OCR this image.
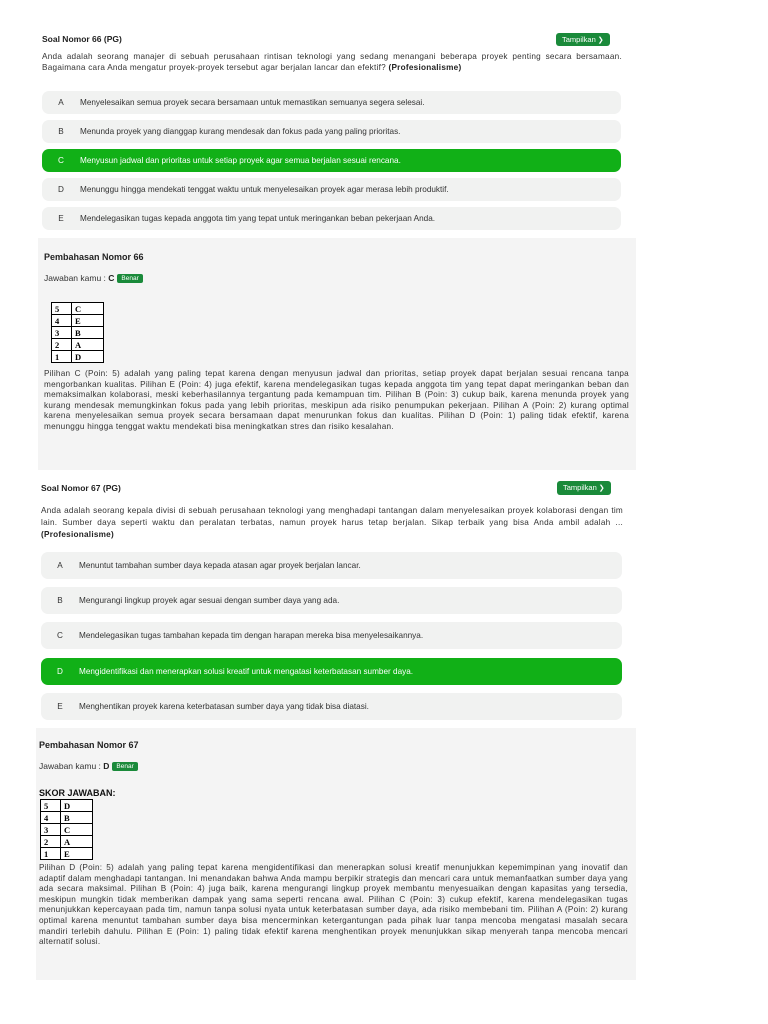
Soal Nomor 66 (PG)	Tampilkan ❯
Anda adalah seorang manajer di sebuah perusahaan rintisan teknologi yang sedang menangani beberapa proyek penting secara bersamaan. Bagaimana cara Anda mengatur proyek-proyek tersebut agar berjalan lancar dan efektif? (Profesionalisme)
A	Menyelesaikan semua proyek secara bersamaan untuk memastikan semuanya segera selesai.
B	Menunda proyek yang dianggap kurang mendesak dan fokus pada yang paling prioritas.
C	Menyusun jadwal dan prioritas untuk setiap proyek agar semua berjalan sesuai rencana.
D	Menunggu hingga mendekati tenggat waktu untuk menyelesaikan proyek agar merasa lebih produktif.
E	Mendelegasikan tugas kepada anggota tim yang tepat untuk meringankan beban pekerjaan Anda.
Pembahasan Nomor 66
Jawaban kamu : C Benar
5	C
4	E
3	B
2	A
1	D
Pilihan C (Poin: 5) adalah yang paling tepat karena dengan menyusun jadwal dan prioritas, setiap proyek dapat berjalan sesuai rencana tanpa mengorbankan kualitas. Pilihan E (Poin: 4) juga efektif, karena mendelegasikan tugas kepada anggota tim yang tepat dapat meringankan beban dan memaksimalkan kolaborasi, meski keberhasilannya tergantung pada kemampuan tim. Pilihan B (Poin: 3) cukup baik, karena menunda proyek yang kurang mendesak memungkinkan fokus pada yang lebih prioritas, meskipun ada risiko penumpukan pekerjaan. Pilihan A (Poin: 2) kurang optimal karena menyelesaikan semua proyek secara bersamaan dapat menurunkan fokus dan kualitas. Pilihan D (Poin: 1) paling tidak efektif, karena menunggu hingga tenggat waktu mendekati bisa meningkatkan stres dan risiko kesalahan.
Soal Nomor 67 (PG)	Tampilkan ❯
Anda adalah seorang kepala divisi di sebuah perusahaan teknologi yang menghadapi tantangan dalam menyelesaikan proyek kolaborasi dengan tim lain. Sumber daya seperti waktu dan peralatan terbatas, namun proyek harus tetap berjalan. Sikap terbaik yang bisa Anda ambil adalah ... (Profesionalisme)
A	Menuntut tambahan sumber daya kepada atasan agar proyek berjalan lancar.
B	Mengurangi lingkup proyek agar sesuai dengan sumber daya yang ada.
C	Mendelegasikan tugas tambahan kepada tim dengan harapan mereka bisa menyelesaikannya.
D	Mengidentifikasi dan menerapkan solusi kreatif untuk mengatasi keterbatasan sumber daya.
E	Menghentikan proyek karena keterbatasan sumber daya yang tidak bisa diatasi.
Pembahasan Nomor 67
Jawaban kamu : D Benar
SKOR JAWABAN:
5	D
4	B
3	C
2	A
1	E
Pilihan D (Poin: 5) adalah yang paling tepat karena mengidentifikasi dan menerapkan solusi kreatif menunjukkan kepemimpinan yang inovatif dan adaptif dalam menghadapi tantangan. Ini menandakan bahwa Anda mampu berpikir strategis dan mencari cara untuk memanfaatkan sumber daya yang ada secara maksimal. Pilihan B (Poin: 4) juga baik, karena mengurangi lingkup proyek membantu menyesuaikan dengan kapasitas yang tersedia, meskipun mungkin tidak memberikan dampak yang sama seperti rencana awal. Pilihan C (Poin: 3) cukup efektif, karena mendelegasikan tugas menunjukkan kepercayaan pada tim, namun tanpa solusi nyata untuk keterbatasan sumber daya, ada risiko membebani tim. Pilihan A (Poin: 2) kurang optimal karena menuntut tambahan sumber daya bisa mencerminkan ketergantungan pada pihak luar tanpa mencoba mengatasi masalah secara mandiri terlebih dahulu. Pilihan E (Poin: 1) paling tidak efektif karena menghentikan proyek menunjukkan sikap menyerah tanpa mencoba mencari alternatif solusi.
